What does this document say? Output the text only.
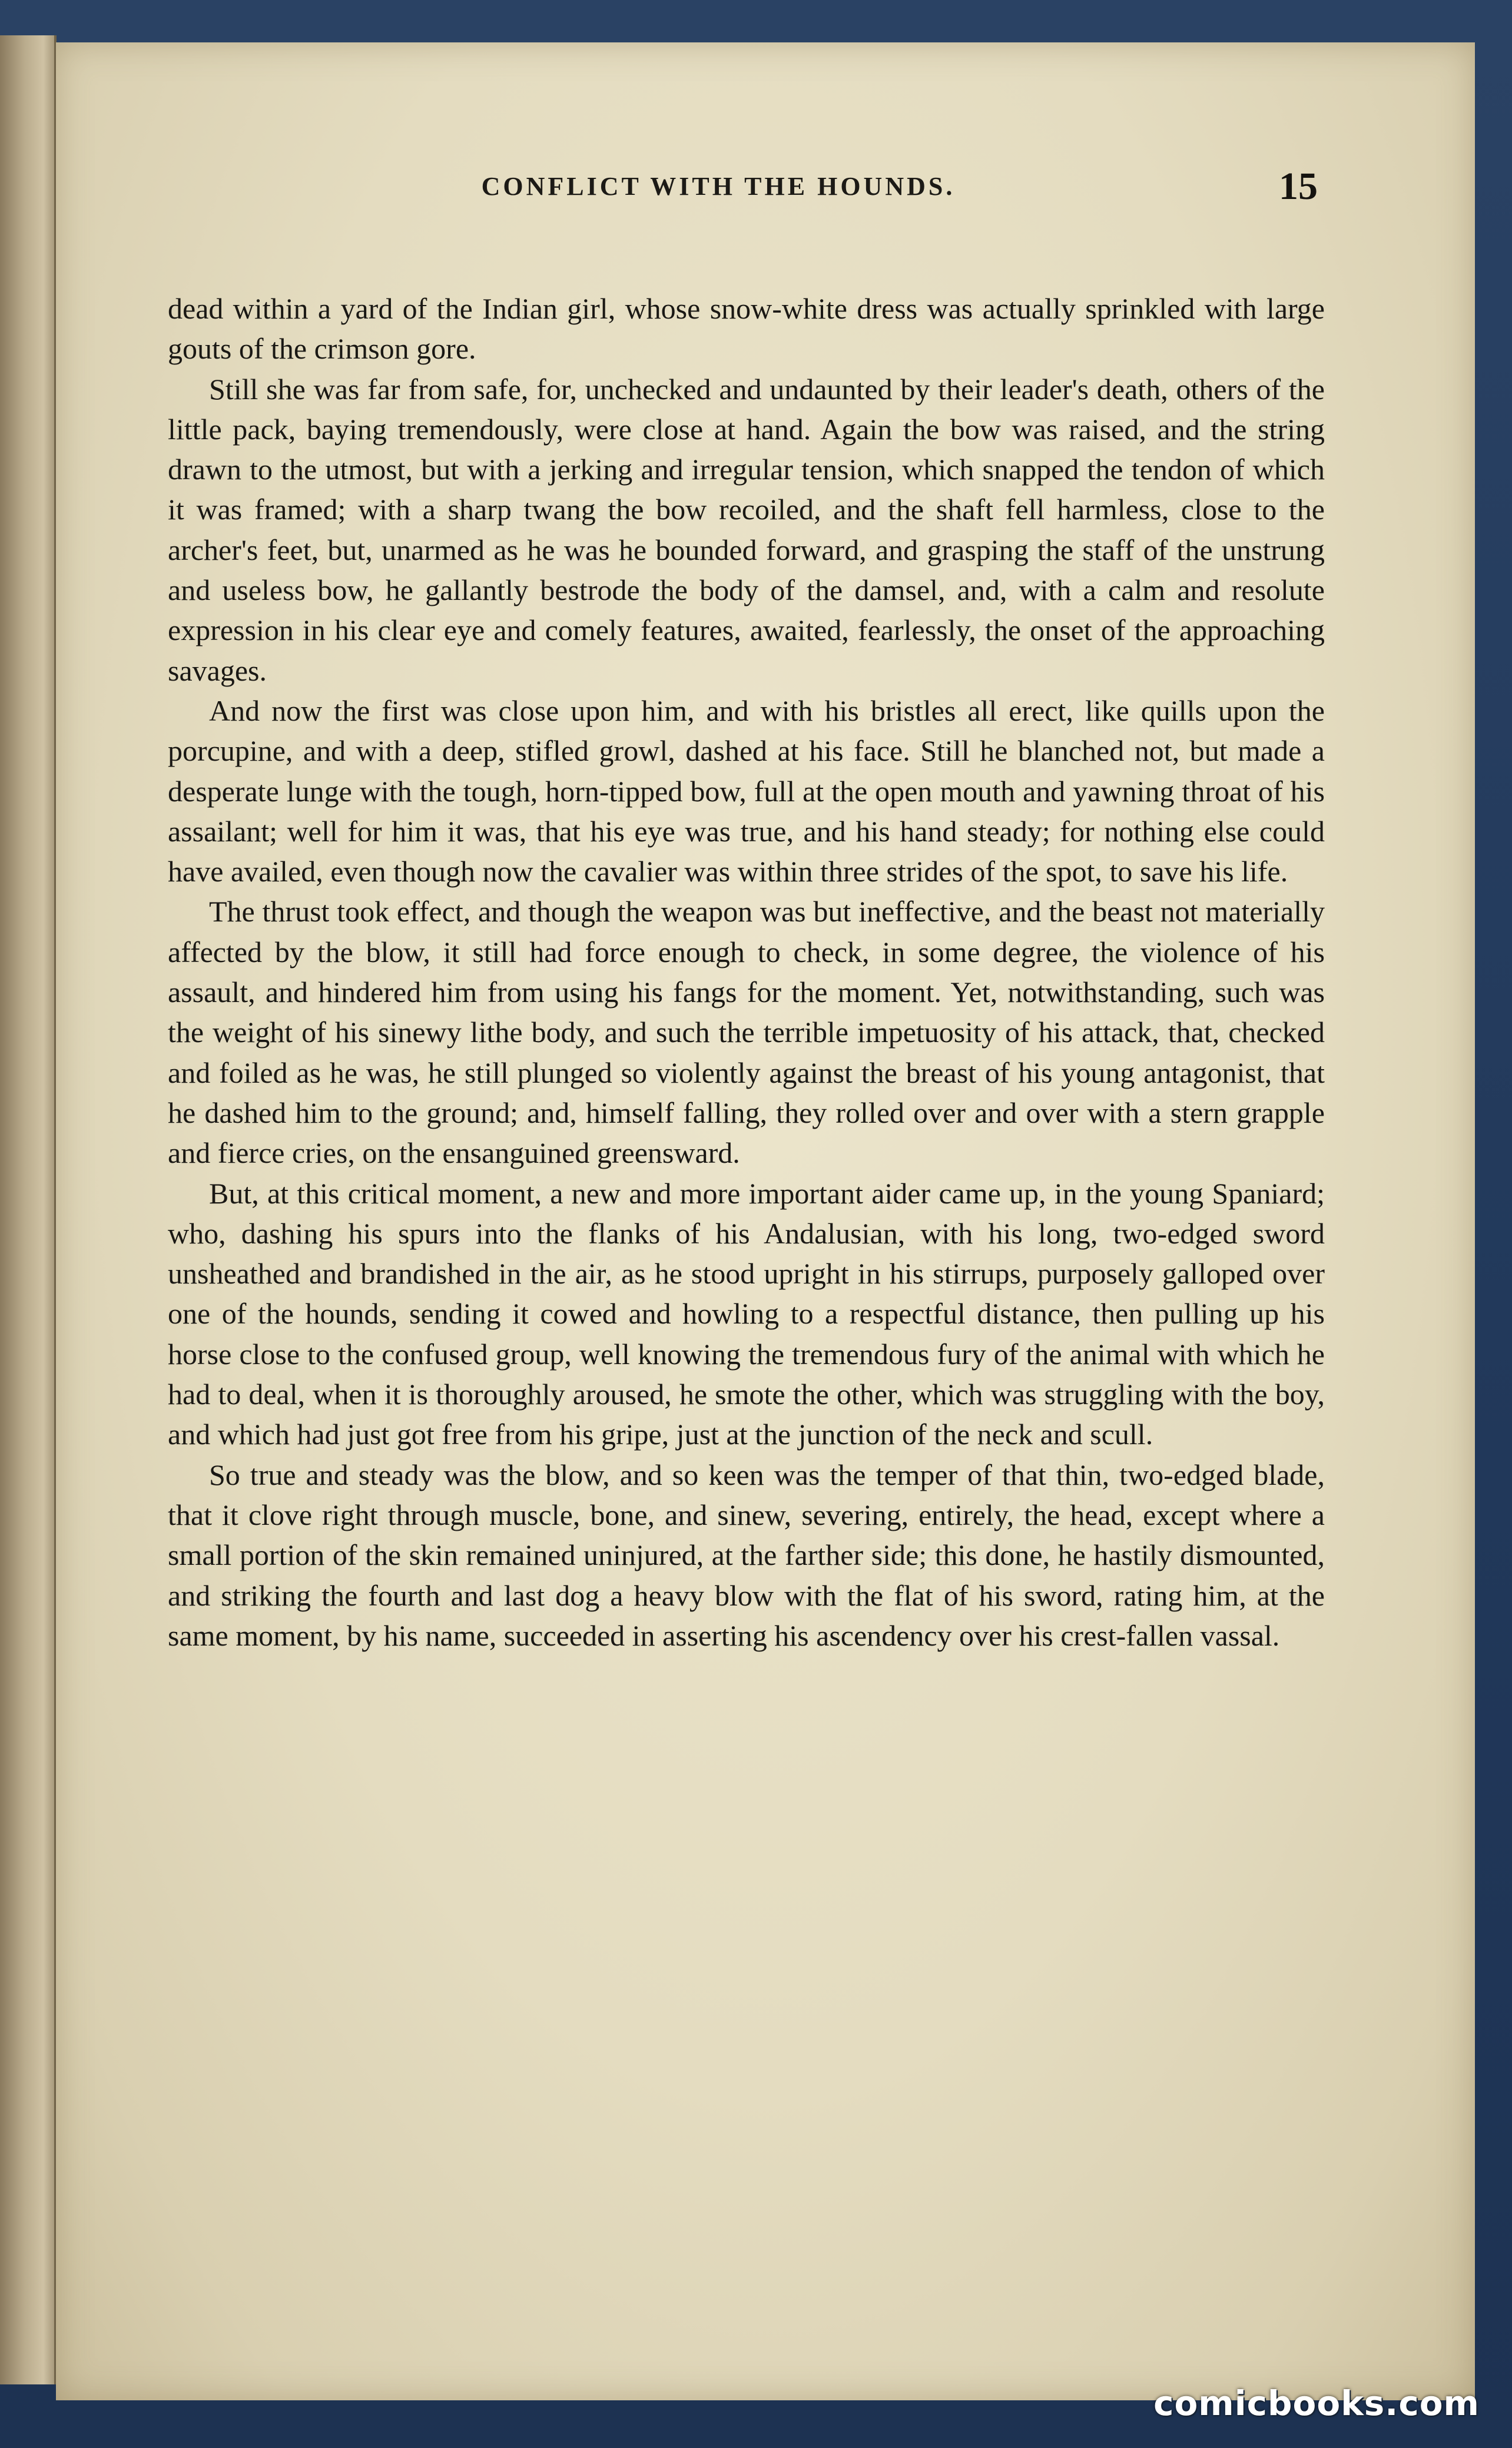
CONFLICT WITH THE HOUNDS.	15

dead within a yard of the Indian girl, whose snow-white dress was actually sprinkled with large gouts of the crimson gore.

Still she was far from safe, for, unchecked and undaunted by their leader's death, others of the little pack, baying tremendously, were close at hand. Again the bow was raised, and the string drawn to the utmost, but with a jerking and irregular tension, which snapped the tendon of which it was framed; with a sharp twang the bow recoiled, and the shaft fell harmless, close to the archer's feet, but, unarmed as he was he bounded forward, and grasping the staff of the unstrung and useless bow, he gallantly bestrode the body of the damsel, and, with a calm and resolute expression in his clear eye and comely features, awaited, fearlessly, the onset of the approaching savages.

And now the first was close upon him, and with his bristles all erect, like quills upon the porcupine, and with a deep, stifled growl, dashed at his face. Still he blanched not, but made a desperate lunge with the tough, horn-tipped bow, full at the open mouth and yawning throat of his assailant; well for him it was, that his eye was true, and his hand steady; for nothing else could have availed, even though now the cavalier was within three strides of the spot, to save his life.

The thrust took effect, and though the weapon was but ineffective, and the beast not materially affected by the blow, it still had force enough to check, in some degree, the violence of his assault, and hindered him from using his fangs for the moment. Yet, notwithstanding, such was the weight of his sinewy lithe body, and such the terrible impetuosity of his attack, that, checked and foiled as he was, he still plunged so violently against the breast of his young antagonist, that he dashed him to the ground; and, himself falling, they rolled over and over with a stern grapple and fierce cries, on the ensanguined greensward.

But, at this critical moment, a new and more important aider came up, in the young Spaniard; who, dashing his spurs into the flanks of his Andalusian, with his long, two-edged sword unsheathed and brandished in the air, as he stood upright in his stirrups, purposely galloped over one of the hounds, sending it cowed and howling to a respectful distance, then pulling up his horse close to the confused group, well knowing the tremendous fury of the animal with which he had to deal, when it is thoroughly aroused, he smote the other, which was struggling with the boy, and which had just got free from his gripe, just at the junction of the neck and scull.

So true and steady was the blow, and so keen was the temper of that thin, two-edged blade, that it clove right through muscle, bone, and sinew, severing, entirely, the head, except where a small portion of the skin remained uninjured, at the farther side; this done, he hastily dismounted, and striking the fourth and last dog a heavy blow with the flat of his sword, rating him, at the same moment, by his name, succeeded in asserting his ascendency over his crest-fallen vassal.

comicbooks.com
